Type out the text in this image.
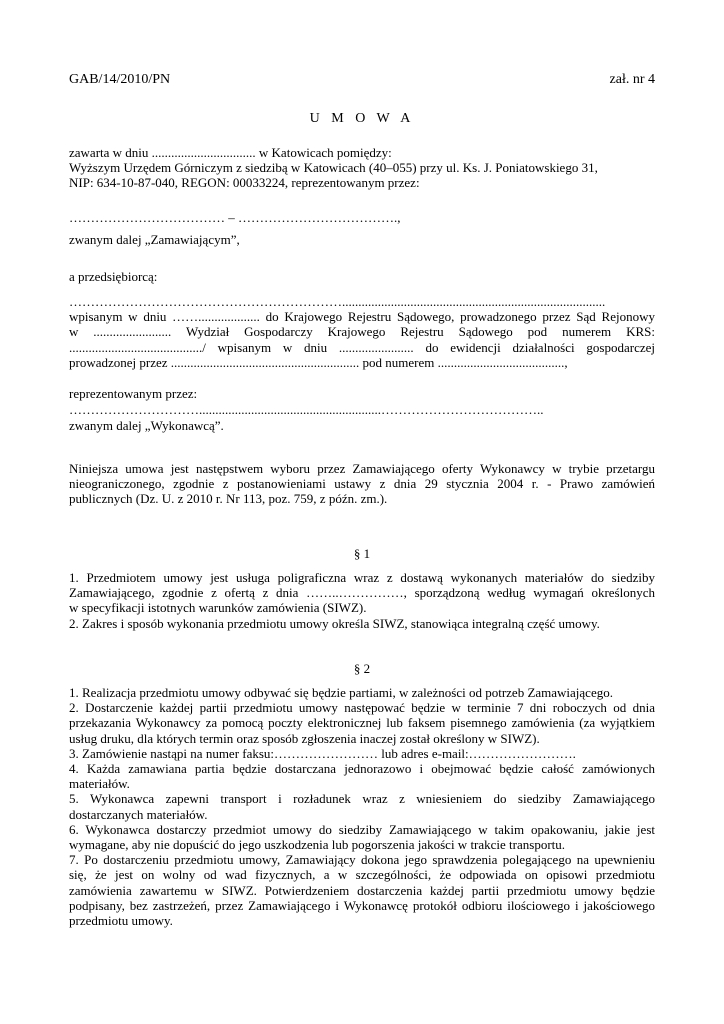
GAB/14/2010/PN	zał. nr 4
U M O W A

zawarta w dniu ................................ w Katowicach pomiędzy:

Wyższym Urzędem Górniczym z siedzibą w Katowicach (40–055) przy ul. Ks. J. Poniatowskiego 31,

NIP: 634-10-87-040, REGON: 00033224, reprezentowanym przez:

……………………………… – ……………………………….,
zwanym dalej „Zamawiającym”,
a przedsiębiorcą:

……………………………………………………….................................................................................

wpisanym w dniu ……................... do Krajowego Rejestru Sądowego, prowadzonego przez Sąd Rejonowy

w ........................ Wydział Gospodarczy Krajowego Rejestru Sądowego pod numerem KRS:

........................................./ wpisanym w dniu ....................... do ewidencji działalności gospodarczej

prowadzonej przez .......................................................... pod numerem .......................................,

reprezentowanym przez:
…………………………........................................................………………………………..
zwanym dalej „Wykonawcą”.

Niniejsza umowa jest następstwem wyboru przez Zamawiającego oferty Wykonawcy w trybie przetargu

nieograniczonego, zgodnie z postanowieniami ustawy z dnia 29 stycznia 2004 r. - Prawo zamówień

publicznych (Dz. U. z 2010 r. Nr 113, poz. 759, z późn. zm.).

§ 1

1. Przedmiotem umowy jest usługa poligraficzna wraz z dostawą wykonanych materiałów do siedziby

Zamawiającego, zgodnie z ofertą z dnia ……..……………, sporządzoną według wymagań określonych

w specyfikacji istotnych warunków zamówienia (SIWZ).

2. Zakres i sposób wykonania przedmiotu umowy określa SIWZ, stanowiąca integralną część umowy.

§ 2

1. Realizacja przedmiotu umowy odbywać się będzie partiami, w zależności od potrzeb Zamawiającego.

2. Dostarczenie każdej partii przedmiotu umowy następować będzie w terminie 7 dni roboczych od dnia

przekazania Wykonawcy za pomocą poczty elektronicznej lub faksem pisemnego zamówienia (za wyjątkiem

usług druku, dla których termin oraz sposób zgłoszenia inaczej został określony w SIWZ).

3. Zamówienie nastąpi na numer faksu:…………………… lub adres e-mail:…………………….

4. Każda zamawiana partia będzie dostarczana jednorazowo i obejmować będzie całość zamówionych

materiałów.

5. Wykonawca zapewni transport i rozładunek wraz z wniesieniem do siedziby Zamawiającego

dostarczanych materiałów.

6. Wykonawca dostarczy przedmiot umowy do siedziby Zamawiającego w takim opakowaniu, jakie jest

wymagane, aby nie dopuścić do jego uszkodzenia lub pogorszenia jakości w trakcie transportu.

7. Po dostarczeniu przedmiotu umowy, Zamawiający dokona jego sprawdzenia polegającego na upewnieniu

się, że jest on wolny od wad fizycznych, a w szczególności, że odpowiada on opisowi przedmiotu

zamówienia zawartemu w SIWZ. Potwierdzeniem dostarczenia każdej partii przedmiotu umowy będzie

podpisany, bez zastrzeżeń, przez Zamawiającego i Wykonawcę protokół odbioru ilościowego i jakościowego

przedmiotu umowy.
